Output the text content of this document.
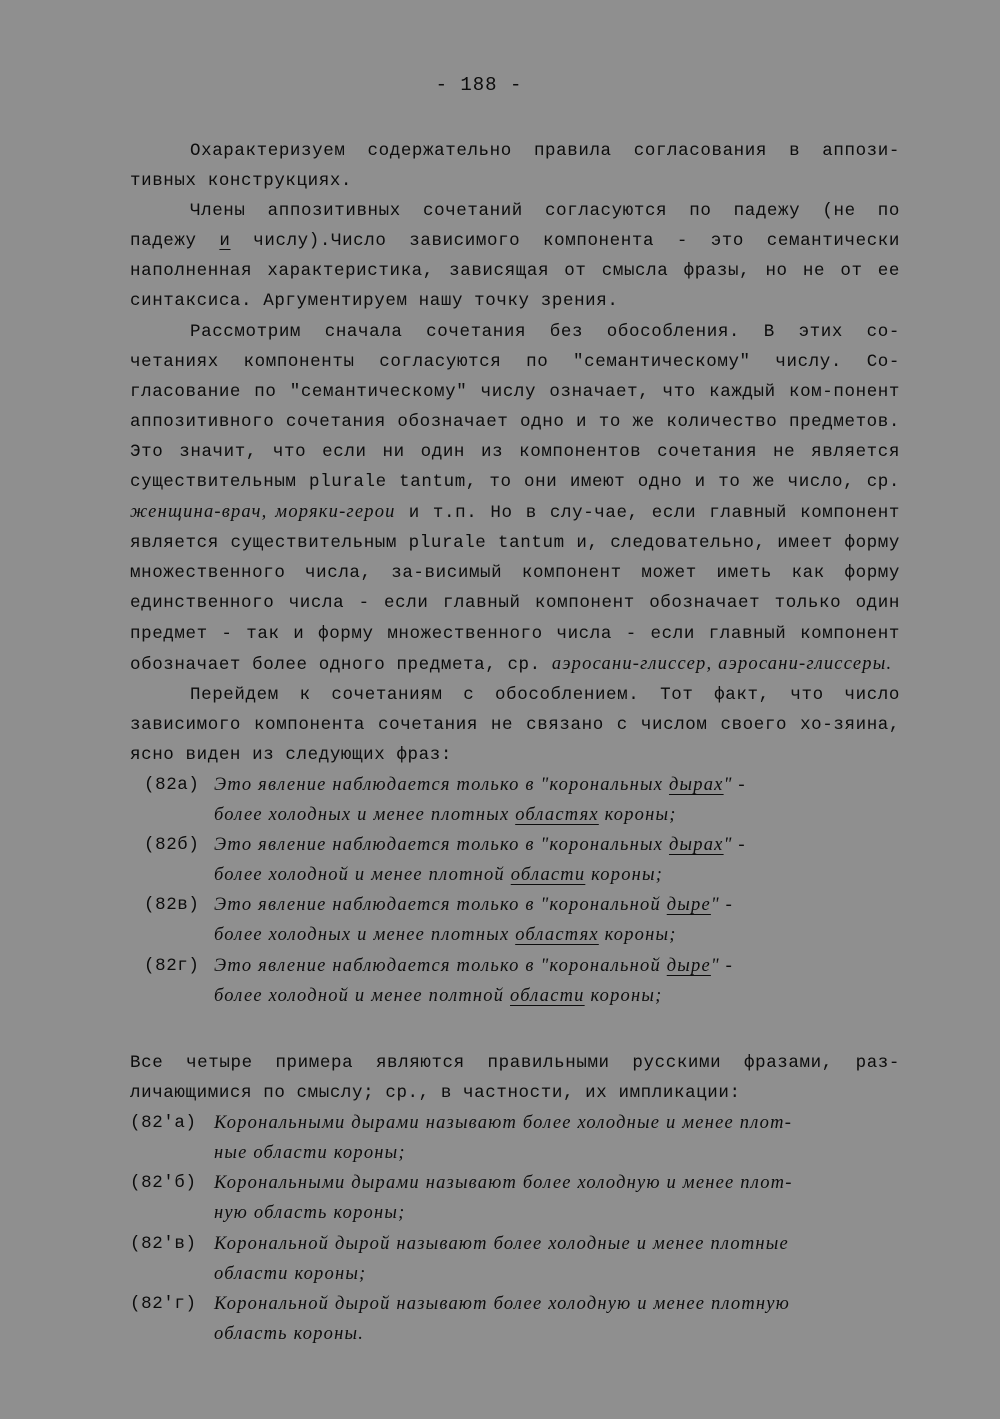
- 188 -

Охарактеризуем содержательно правила согласования в аппози-тивных конструкциях.

Члены аппозитивных сочетаний согласуются по падежу (не по падежу и числу).Число зависимого компонента - это семантически наполненная характеристика, зависящая от смысла фразы, но не от ее синтаксиса. Аргументируем нашу точку зрения.

Рассмотрим сначала сочетания без обособления. В этих со-четаниях компоненты согласуются по "семантическому" числу. Со-гласование по "семантическому" числу означает, что каждый ком-понент аппозитивного сочетания обозначает одно и то же количество предметов. Это значит, что если ни один из компонентов сочетания не является существительным plurale tantum, то они имеют одно и то же число, ср. женщина-врач, моряки-герои и т.п. Но в слу-чае, если главный компонент является существительным plurale tantum и, следовательно, имеет форму множественного числа, за-висимый компонент может иметь как форму единственного числа - если главный компонент обозначает только один предмет - так и форму множественного числа - если главный компонент обозначает более одного предмета, ср. аэросани-глиссер, аэросани-глиссеры.

Перейдем к сочетаниям с обособлением. Тот факт, что число зависимого компонента сочетания не связано с числом своего хо-зяина, ясно виден из следующих фраз:

(82а) Это явление наблюдается только в "корональных дырах" -
более холодных и менее плотных областях короны;
(82б) Это явление наблюдается только в "корональных дырах" -
более холодной и менее плотной области короны;
(82в) Это явление наблюдается только в "корональной дыре" -
более холодных и менее плотных областях короны;
(82г) Это явление наблюдается только в "корональной дыре" -
более холодной и менее полтной области короны;

Все четыре примера являются правильными русскими фразами, раз-личающимися по смыслу; ср., в частности, их импликации:

(82'а) Корональными дырами называют более холодные и менее плот-
ные области короны;
(82'б) Корональными дырами называют более холодную и менее плот-
ную область короны;
(82'в) Корональной дырой называют более холодные и менее плотные
области короны;
(82'г) Корональной дырой называют более холодную и менее плотную
область короны.
